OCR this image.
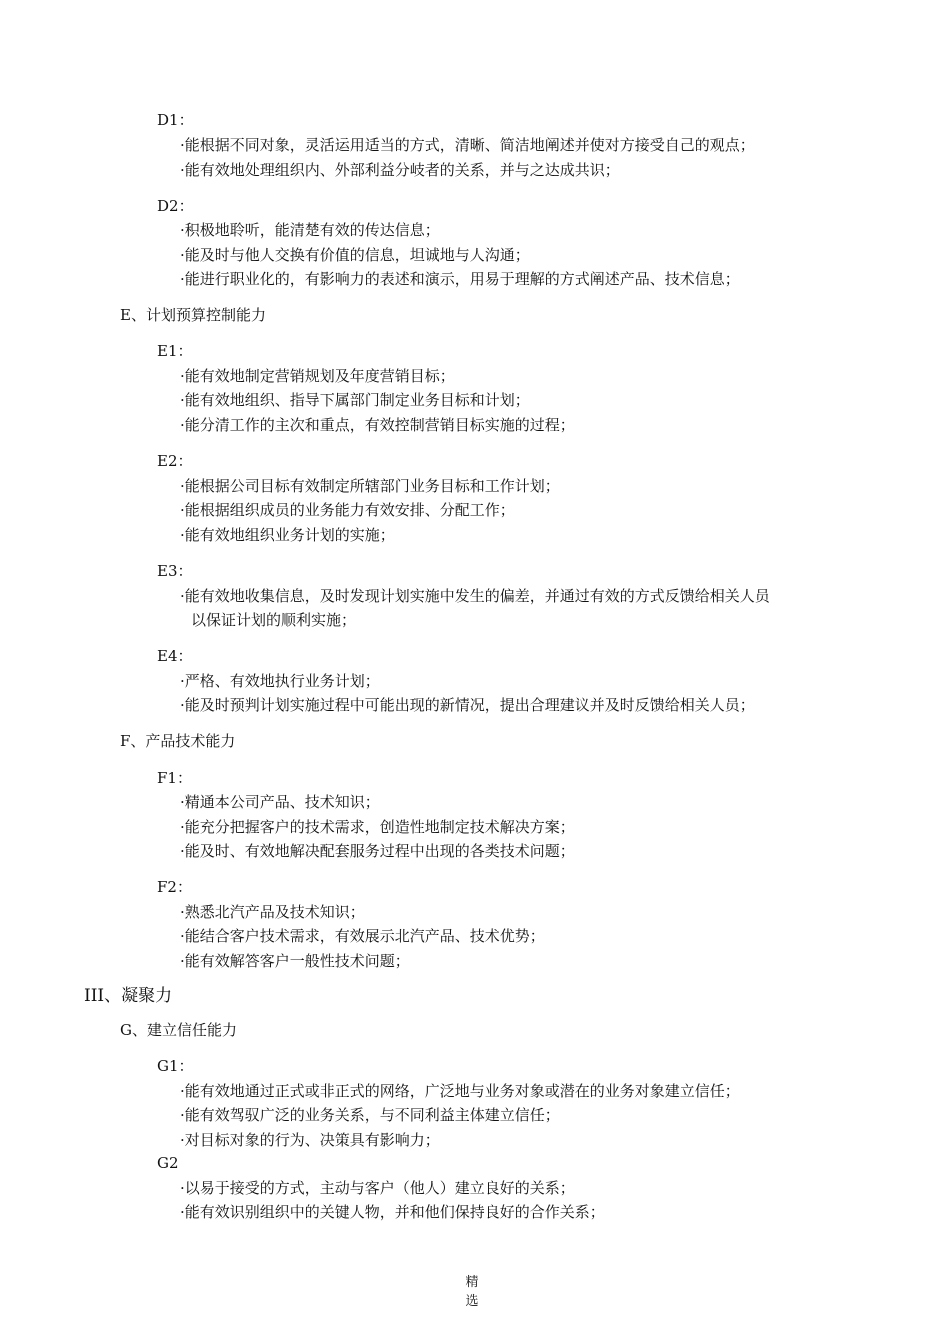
D1：
·能根据不同对象，灵活运用适当的方式，清晰、简洁地阐述并使对方接受自己的观点；
·能有效地处理组织内、外部利益分岐者的关系，并与之达成共识；
D2：
·积极地聆听，能清楚有效的传达信息；
·能及时与他人交换有价值的信息，坦诚地与人沟通；
·能进行职业化的，有影响力的表述和演示，用易于理解的方式阐述产品、技术信息；
E、计划预算控制能力
E1：
·能有效地制定营销规划及年度营销目标；
·能有效地组织、指导下属部门制定业务目标和计划；
·能分清工作的主次和重点，有效控制营销目标实施的过程；
E2：
·能根据公司目标有效制定所辖部门业务目标和工作计划；
·能根据组织成员的业务能力有效安排、分配工作；
·能有效地组织业务计划的实施；
E3：
·能有效地收集信息，及时发现计划实施中发生的偏差，并通过有效的方式反馈给相关人员
以保证计划的顺利实施；
E4：
·严格、有效地执行业务计划；
·能及时预判计划实施过程中可能出现的新情况，提出合理建议并及时反馈给相关人员；
F、产品技术能力
F1：
·精通本公司产品、技术知识；
·能充分把握客户的技术需求，创造性地制定技术解决方案；
·能及时、有效地解决配套服务过程中出现的各类技术问题；
F2：
·熟悉北汽产品及技术知识；
·能结合客户技术需求，有效展示北汽产品、技术优势；
·能有效解答客户一般性技术问题；
III、凝聚力
G、建立信任能力
G1：
·能有效地通过正式或非正式的网络，广泛地与业务对象或潜在的业务对象建立信任；
·能有效驾驭广泛的业务关系，与不同利益主体建立信任；
·对目标对象的行为、决策具有影响力；
G2
·以易于接受的方式，主动与客户（他人）建立良好的关系；
·能有效识别组织中的关键人物，并和他们保持良好的合作关系；
精
选
